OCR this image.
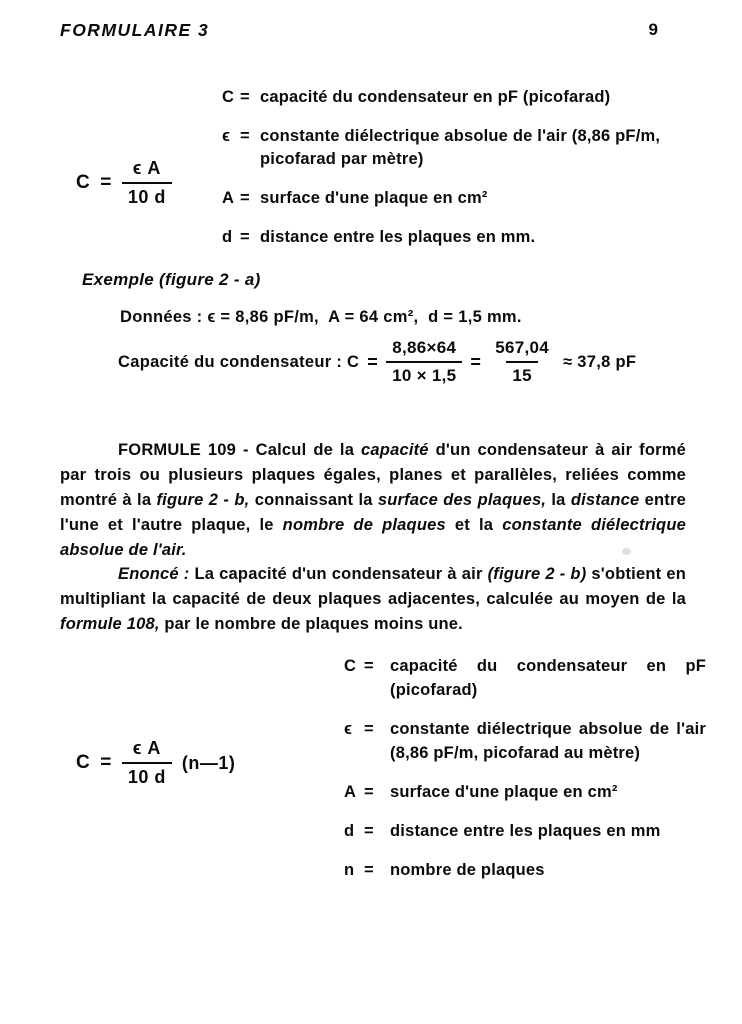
FORMULAIRE 3	9
C = capacité du condensateur en pF (picofarad)
ϵ = constante diélectrique absolue de l'air (8,86 pF/m, picofarad par mètre)
A = surface d'une plaque en cm²
d = distance entre les plaques en mm.
$C = \frac{\text{ϵ A}}{10 d}$
Exemple (figure 2 - a)
Données : ϵ = 8,86 pF/m,  A = 64 cm²,  d = 1,5 mm.
Capacité du condensateur : $C = \frac{8,86\times 64}{10 \times 1,5} = \frac{567,04}{15} \approx 37,8$ pF
FORMULE 109 - Calcul de la capacité d'un condensateur à air formé par trois ou plusieurs plaques égales, planes et parallèles, reliées comme montré à la figure 2 - b, connaissant la surface des plaques, la distance entre l'une et l'autre plaque, le nombre de plaques et la constante diélectrique absolue de l'air.
Enoncé : La capacité d'un condensateur à air (figure 2 - b) s'obtient en multipliant la capacité de deux plaques adjacentes, calculée au moyen de la formule 108, par le nombre de plaques moins une.
$C = \frac{\text{ϵ A}}{10 d}$ (n—1)
C = capacité du condensateur en pF (picofarad)
ϵ = constante diélectrique absolue de l'air (8,86 pF/m, picofarad au mètre)
A = surface d'une plaque en cm²
d = distance entre les plaques en mm
n = nombre de plaques
